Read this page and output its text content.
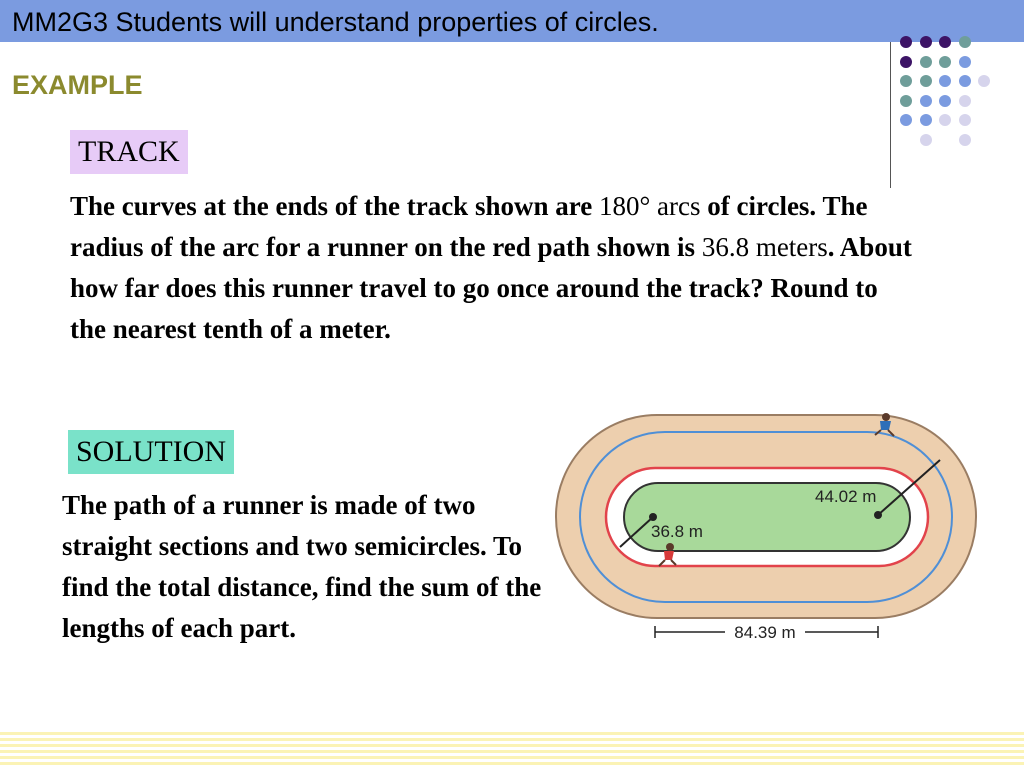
MM2G3 Students will understand properties of circles.
EXAMPLE
TRACK
The curves at the ends of the track shown are 180° arcs of circles. The radius of the arc for a runner on the red path shown is 36.8 meters. About how far does this runner travel to go once around the track? Round to the nearest tenth of a meter.
SOLUTION
The path of a runner is made of two straight sections and two semicircles. To find the total distance, find the sum of the lengths of each part.
36.8 m
44.02 m
84.39 m
